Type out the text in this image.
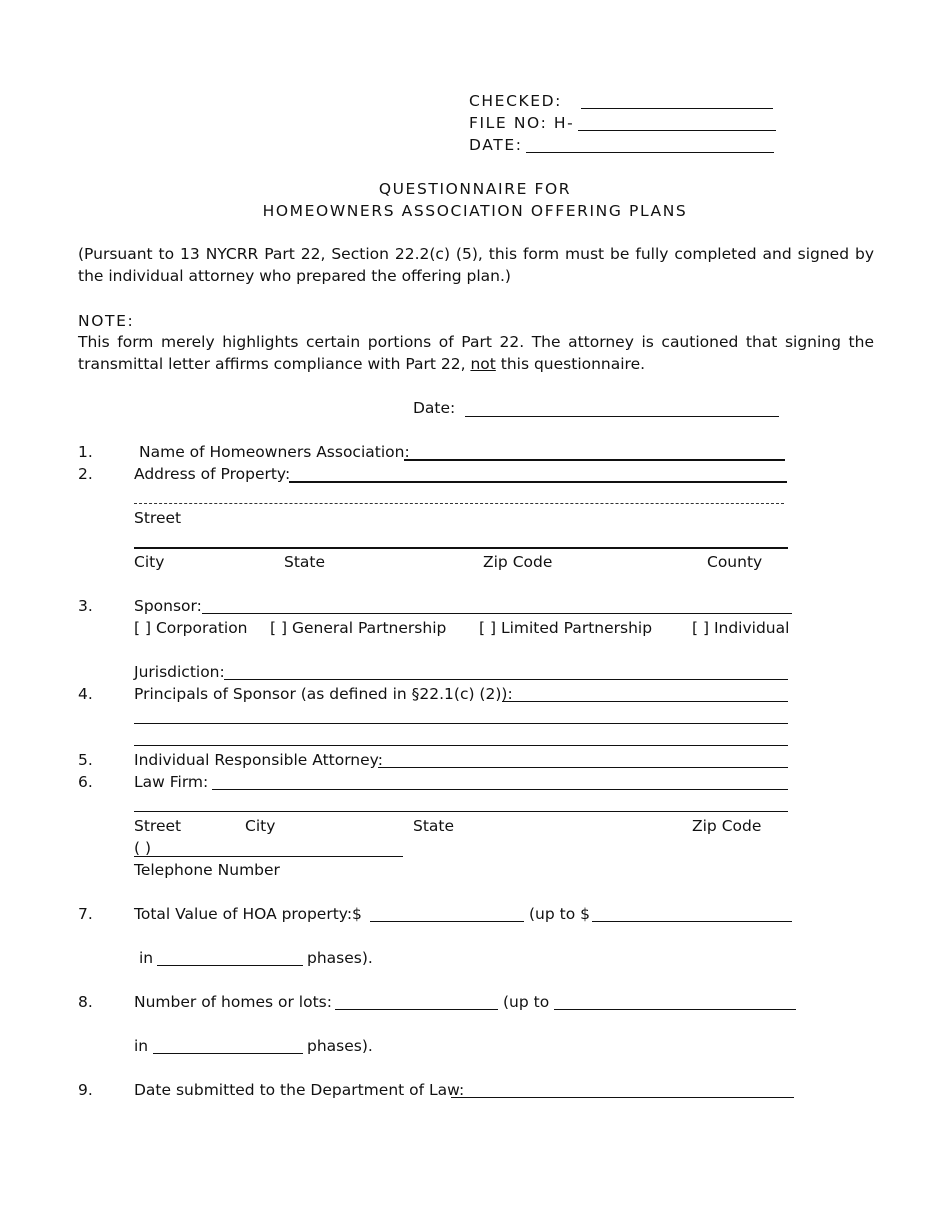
CHECKED:
FILE NO: H-
DATE:
QUESTIONNAIRE FOR
HOMEOWNERS ASSOCIATION OFFERING PLANS
(Pursuant to 13 NYCRR Part 22, Section 22.2(c) (5), this form must be fully completed and signed by the individual attorney who prepared the offering plan.)
NOTE:
This form merely highlights certain portions of Part 22. The attorney is cautioned that signing the transmittal letter affirms compliance with Part 22, not this questionnaire.
Date:
1.	Name of Homeowners Association:
2.	Address of Property:
Street
City	State	Zip Code	County
3.	Sponsor:
[ ] Corporation [ ] General Partnership [ ] Limited Partnership	[ ] Individual
Jurisdiction:
4.	Principals of Sponsor (as defined in §22.1(c) (2)):
5.	Individual Responsible Attorney:
6.	Law Firm:
Street	City	State	Zip Code
( )
Telephone Number
7.	Total Value of HOA property:$	(up to $
in	phases).
8.	Number of homes or lots:	(up to
in	phases).
9.	Date submitted to the Department of Law:
